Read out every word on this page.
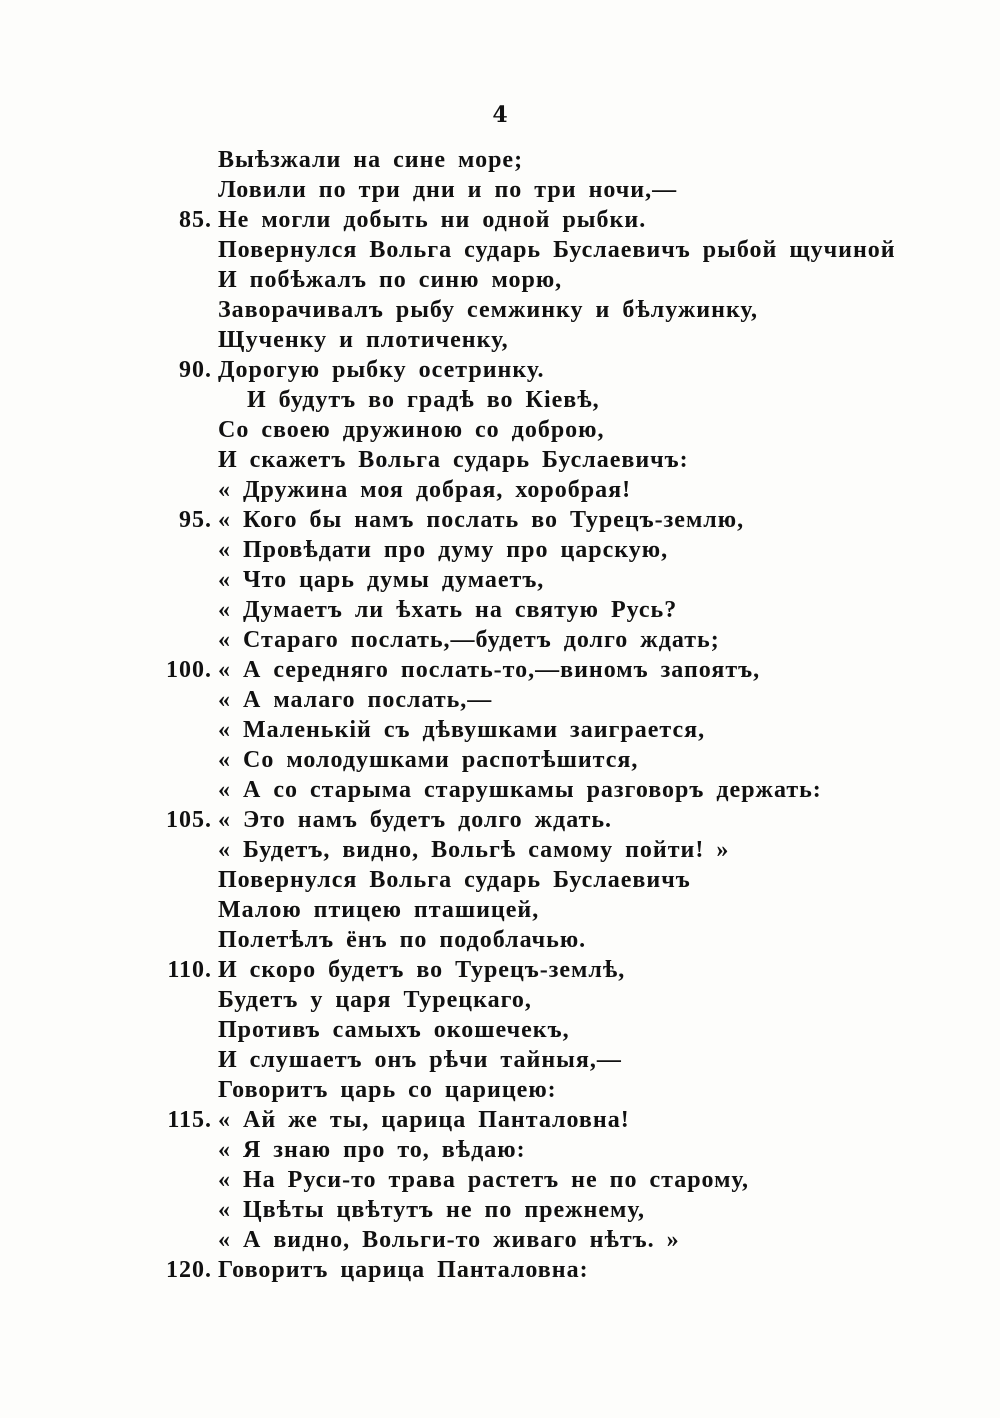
4
Выѣзжали на сине море;
Ловили по три дни и по три ночи,—
85. Не могли добыть ни одной рыбки.
Повернулся Вольга сударь Буслаевичъ рыбой щучиной
И побѣжалъ по синю морю,
Заворачивалъ рыбу семжинку и бѣлужинку,
Щученку и плотиченку,
90. Дорогую рыбку осетринку.
И будутъ во градѣ во Кіевѣ,
Со своею дружиною со доброю,
И скажетъ Вольга сударь Буслаевичъ:
« Дружина моя добрая, хоробрая!
95. « Кого бы намъ послать во Турецъ-землю,
« Провѣдати про думу про царскую,
« Что царь думы думаетъ,
« Думаетъ ли ѣхать на святую Русь?
« Стараго послать,—будетъ долго ждать;
100. « А середняго послать-то,—виномъ запоятъ,
« А малаго послать,—
« Маленькій съ дѣвушками заиграется,
« Со молодушками распотѣшится,
« А со старыма старушкамы разговоръ держать:
105. « Это намъ будетъ долго ждать.
« Будетъ, видно, Вольгѣ самому пойти! »
Повернулся Вольга сударь Буслаевичъ
Малою птицею пташицей,
Полетѣлъ ёнъ по подоблачью.
110. И скоро будетъ во Турецъ-землѣ,
Будетъ у царя Турецкаго,
Противъ самыхъ окошечекъ,
И слушаетъ онъ рѣчи тайныя,—
Говоритъ царь со царицею:
115. « Ай же ты, царица Панталовна!
« Я знаю про то, вѣдаю:
« На Руси-то трава растетъ не по старому,
« Цвѣты цвѣтутъ не по прежнему,
« А видно, Вольги-то живаго нѣтъ. »
120. Говоритъ царица Панталовна:
